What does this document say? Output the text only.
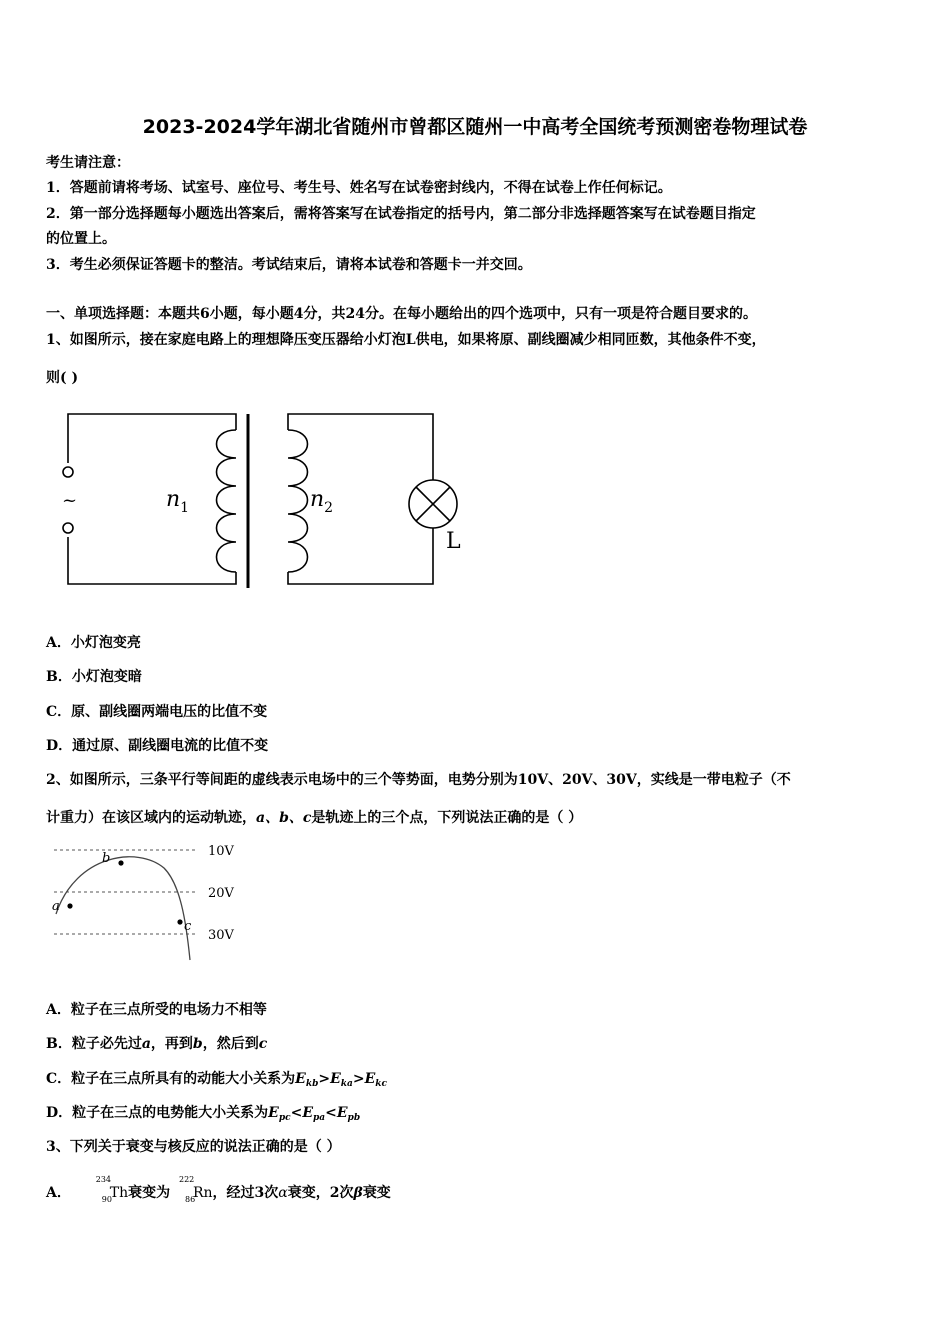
2023-2024学年湖北省随州市曾都区随州一中高考全国统考预测密卷物理试卷
考生请注意：
1．答题前请将考场、试室号、座位号、考生号、姓名写在试卷密封线内，不得在试卷上作任何标记。
2．第一部分选择题每小题选出答案后，需将答案写在试卷指定的括号内，第二部分非选择题答案写在试卷题目指定
的位置上。
3．考生必须保证答题卡的整洁。考试结束后，请将本试卷和答题卡一并交回。
一、单项选择题：本题共6小题，每小题4分，共24分。在每小题给出的四个选项中，只有一项是符合题目要求的。
1、如图所示，接在家庭电路上的理想降压变压器给小灯泡L供电，如果将原、副线圈减少相同匝数，其他条件不变，
则( )
~	$n_1$	$n_2$
L
A．小灯泡变亮
B．小灯泡变暗
C．原、副线圈两端电压的比值不变
D．通过原、副线圈电流的比值不变
2、如图所示，三条平行等间距的虚线表示电场中的三个等势面，电势分别为10V、20V、30V，实线是一带电粒子（不
计重力）在该区域内的运动轨迹，a、b、c是轨迹上的三个点，下列说法正确的是（ ）
a
b
c
10V
20V
30V
A．粒子在三点所受的电场力不相等
B．粒子必先过a，再到b，然后到c
C．粒子在三点所具有的动能大小关系为$E_{kb}>E_{ka}>E_{kc}$
D．粒子在三点的电势能大小关系为$E_{pc}<E_{pa}<E_{pb}$
3、下列关于衰变与核反应的说法正确的是（ ）
A．
234
90
Th衰变为
222
86
Rn，经过3次α衰变，2次β衰变
